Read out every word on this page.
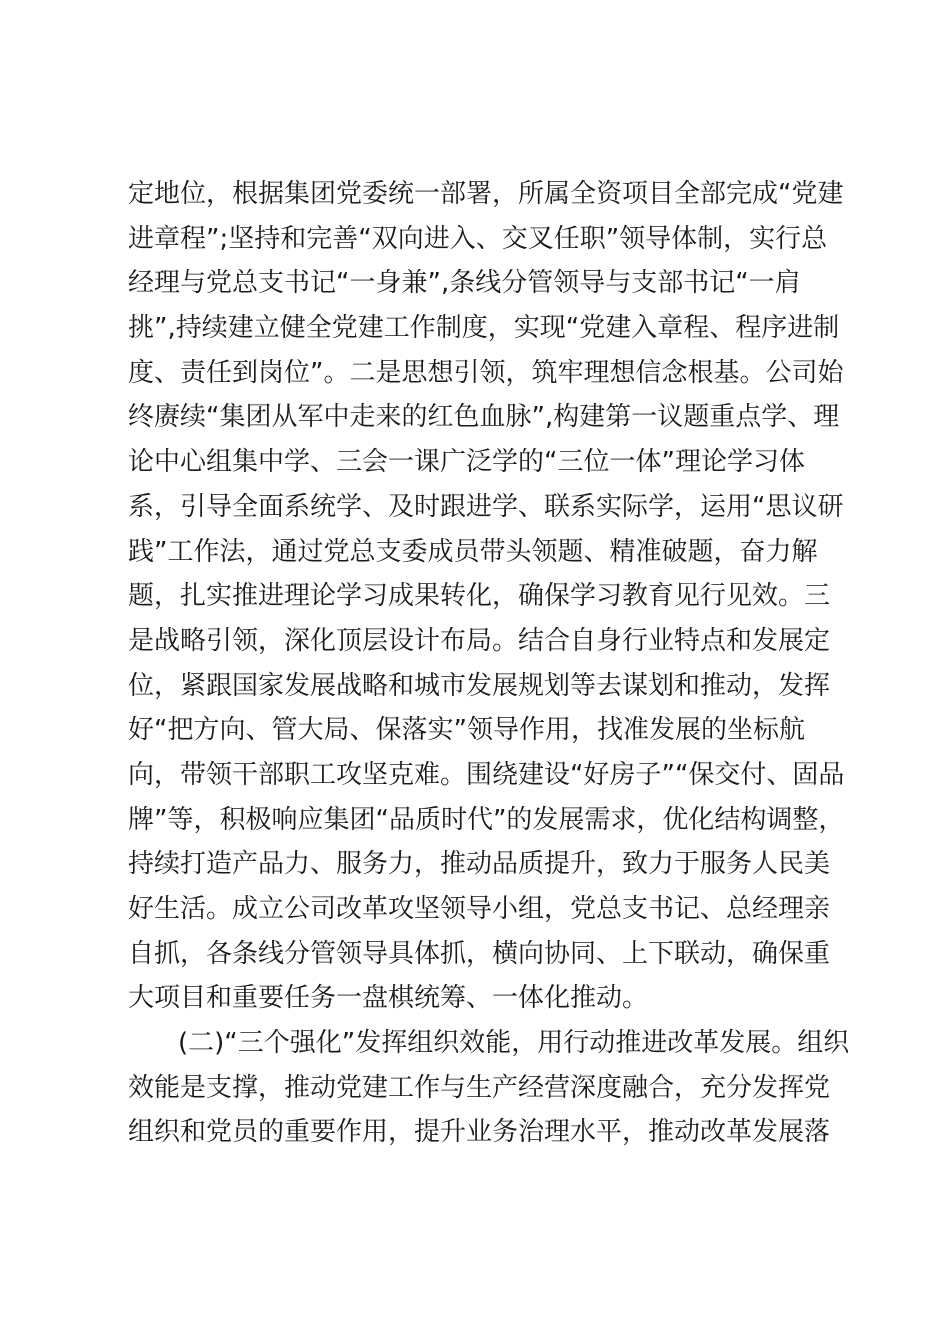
定地位，根据集团党委统一部署，所属全资项目全部完成“党建
进章程”;坚持和完善“双向进入、交叉任职”领导体制，实行总
经理与党总支书记“一身兼”,条线分管领导与支部书记“一肩
挑”,持续建立健全党建工作制度，实现“党建入章程、程序进制
度、责任到岗位”。二是思想引领，筑牢理想信念根基。公司始
终赓续“集团从军中走来的红色血脉”,构建第一议题重点学、理
论中心组集中学、三会一课广泛学的“三位一体”理论学习体
系，引导全面系统学、及时跟进学、联系实际学，运用“思议研
践”工作法，通过党总支委成员带头领题、精准破题，奋力解
题，扎实推进理论学习成果转化，确保学习教育见行见效。三
是战略引领，深化顶层设计布局。结合自身行业特点和发展定
位，紧跟国家发展战略和城市发展规划等去谋划和推动，发挥
好“把方向、管大局、保落实”领导作用，找准发展的坐标航
向，带领干部职工攻坚克难。围绕建设“好房子”“保交付、固品
牌”等，积极响应集团“品质时代”的发展需求，优化结构调整，
持续打造产品力、服务力，推动品质提升，致力于服务人民美
好生活。成立公司改革攻坚领导小组，党总支书记、总经理亲
自抓，各条线分管领导具体抓，横向协同、上下联动，确保重
大项目和重要任务一盘棋统筹、一体化推动。
(二)“三个强化”发挥组织效能，用行动推进改革发展。组织
效能是支撑，推动党建工作与生产经营深度融合，充分发挥党
组织和党员的重要作用，提升业务治理水平，推动改革发展落
